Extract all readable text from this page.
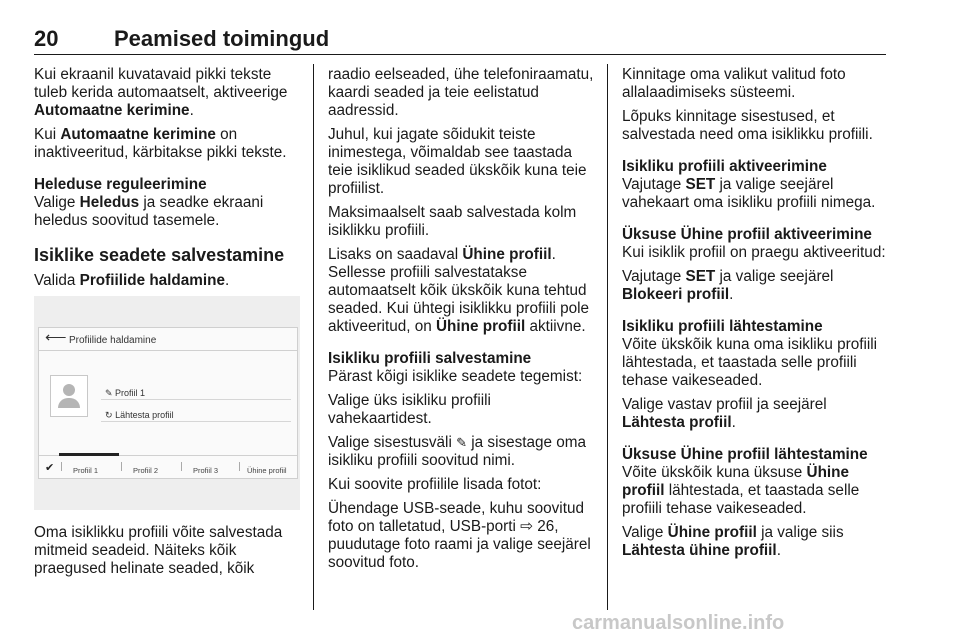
20	Peamised toimingud

Kui ekraanil kuvatavaid pikki tekste tuleb kerida automaatselt, aktiveerige Automaatne kerimine.

Kui Automaatne kerimine on inaktiveeritud, kärbitakse pikki tekste.

Heleduse reguleerimine

Valige Heledus ja seadke ekraani heledus soovitud tasemele.

Isiklike seadete salvestamine

Valida Profiilide haldamine.

⟵ Profiilide haldamine
✎ Profiil 1
↻ Lähtesta profiil
✔	Profiil 1	Profiil 2	Profiil 3	Ühine profiil

Oma isiklikku profiili võite salvestada mitmeid seadeid. Näiteks kõik praegused helinate seaded, kõik

raadio eelseaded, ühe telefoniraamatu, kaardi seaded ja teie eelistatud aadressid.

Juhul, kui jagate sõidukit teiste inimestega, võimaldab see taastada teie isiklikud seaded ükskõik kuna teie profiilist.

Maksimaalselt saab salvestada kolm isiklikku profiili.

Lisaks on saadaval Ühine profiil. Sellesse profiili salvestatakse automaatselt kõik ükskõik kuna tehtud seaded. Kui ühtegi isiklikku profiili pole aktiveeritud, on Ühine profiil aktiivne.

Isikliku profiili salvestamine

Pärast kõigi isiklike seadete tegemist:

Valige üks isikliku profiili vahekaartidest.

Valige sisestusväli ✎ ja sisestage oma isikliku profiili soovitud nimi.

Kui soovite profiilile lisada fotot:

Ühendage USB-seade, kuhu soovitud foto on talletatud, USB-porti ⇨ 26, puudutage foto raami ja valige seejärel soovitud foto.

Kinnitage oma valikut valitud foto allalaadimiseks süsteemi.

Lõpuks kinnitage sisestused, et salvestada need oma isiklikku profiili.

Isikliku profiili aktiveerimine

Vajutage SET ja valige seejärel vahekaart oma isikliku profiili nimega.

Üksuse Ühine profiil aktiveerimine

Kui isiklik profiil on praegu aktiveeritud:

Vajutage SET ja valige seejärel Blokeeri profiil.

Isikliku profiili lähtestamine

Võite ükskõik kuna oma isikliku profiili lähtestada, et taastada selle profiili tehase vaikeseaded.

Valige vastav profiil ja seejärel Lähtesta profiil.

Üksuse Ühine profiil lähtestamine

Võite ükskõik kuna üksuse Ühine profiil lähtestada, et taastada selle profiili tehase vaikeseaded.

Valige Ühine profiil ja valige siis Lähtesta ühine profiil.

carmanualsonline.info
